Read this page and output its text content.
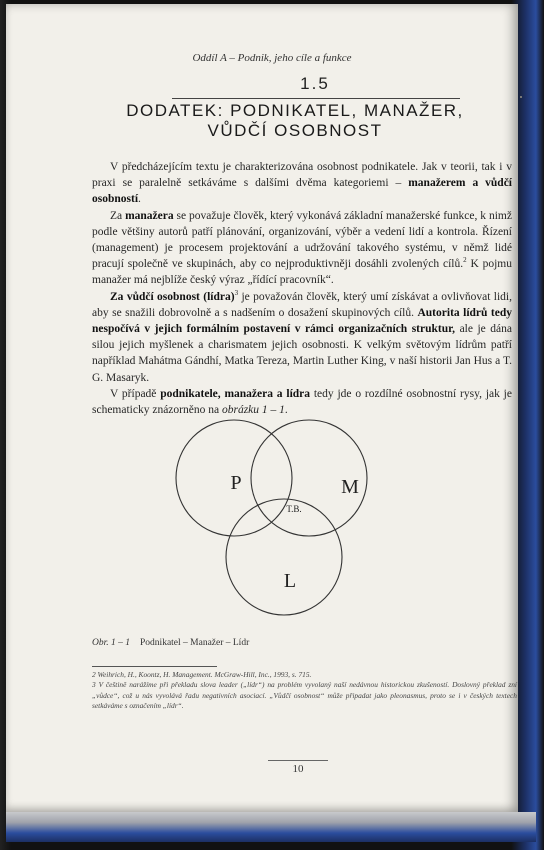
Oddíl A – Podnik, jeho cíle a funkce
1.5
DODATEK: PODNIKATEL, MANAŽER,
VŮDČÍ OSOBNOST

V předcházejícím textu je charakterizována osobnost podnikatele. Jak v teorii, tak i v praxi se paralelně setkáváme s dalšími dvěma kategoriemi – manažerem a vůdčí osobností.

Za manažera se považuje člověk, který vykonává základní manažerské funkce, k nimž podle většiny autorů patří plánování, organizování, výběr a vedení lidí a kontrola. Řízení (management) je procesem projektování a udržování takového systému, v němž lidé pracují společně ve skupinách, aby co nejproduktivněji dosáhli zvolených cílů.$^2$ K pojmu manažer má nejblíže český výraz „řídící pracovník“.

Za vůdčí osobnost (lídra)$^3$ je považován člověk, který umí získávat a ovlivňovat lidi, aby se snažili dobrovolně a s nadšením o dosažení skupinových cílů. Autorita lídrů tedy nespočívá v jejich formálním postavení v rámci organizačních struktur, ale je dána silou jejich myšlenek a charismatem jejich osobnosti. K velkým světovým lídrům patří například Mahátma Gándhí, Matka Tereza, Martin Luther King, v naší historii Jan Hus a T. G. Masaryk.

V případě podnikatele, manažera a lídra tedy jde o rozdílné osobnostní rysy, jak je schematicky znázorněno na obrázku 1 – 1.

P	M
L
T.B.
Obr. 1 – 1 Podnikatel – Manažer – Lídr

2 Weihrich, H., Koontz, H. Management. McGraw-Hill, Inc., 1993, s. 715.

3 V češtině narážíme při překladu slova leader („lídr“) na problém vyvolaný naší nedávnou historickou zkušeností. Doslovný překlad zní „vůdce“, což u nás vyvolává řadu negativních asociací. „Vůdčí osobnost“ může připadat jako pleonasmus, proto se i v českých textech setkáváme s označením „lídr“.

10
